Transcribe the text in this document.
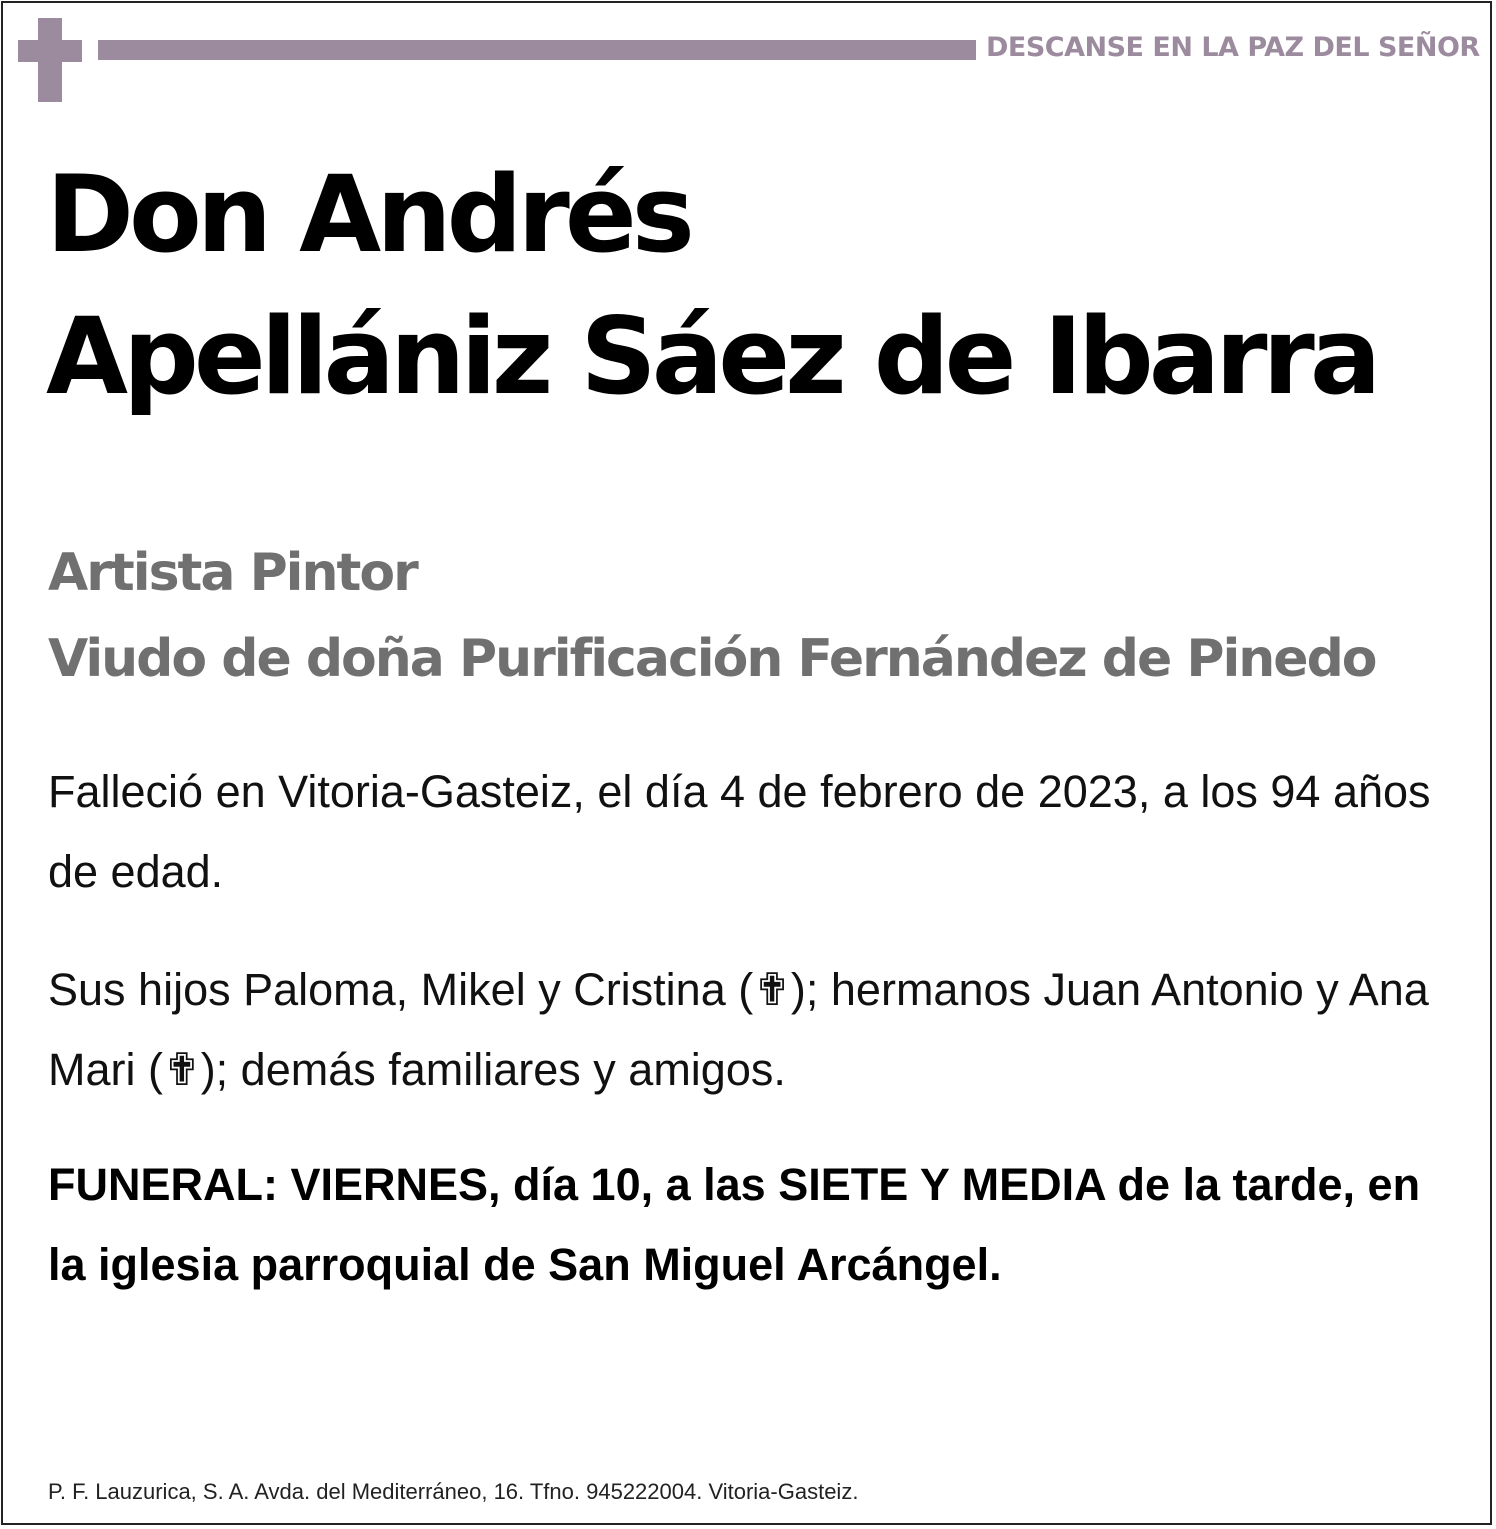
DESCANSE EN LA PAZ DEL SEÑOR
Don Andrés
Apellániz Sáez de Ibarra
Artista Pintor
Viudo de doña Purificación Fernández de Pinedo
Falleció en Vitoria-Gasteiz, el día 4 de febrero de 2023, a los 94 años de edad.
Sus hijos Paloma, Mikel y Cristina (✟); hermanos Juan Antonio y Ana Mari (✟); demás familiares y amigos.
FUNERAL: VIERNES, día 10, a las SIETE Y MEDIA de la tarde, en la iglesia parroquial de San Miguel Arcángel.
P. F. Lauzurica, S. A. Avda. del Mediterráneo, 16. Tfno. 945222004. Vitoria-Gasteiz.
